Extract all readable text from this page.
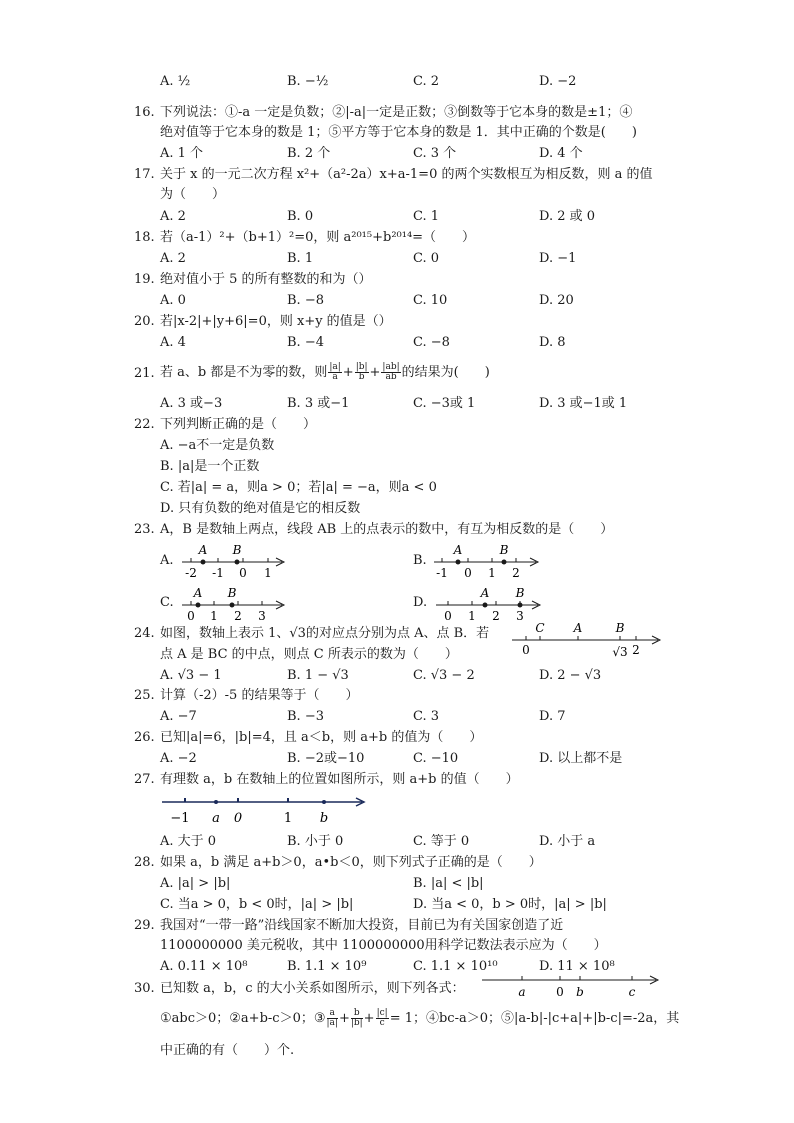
A. ½	B. −½	C. 2	D. −2
16. 下列说法：①-a 一定是负数；②|-a|一定是正数；③倒数等于它本身的数是±1；④
绝对值等于它本身的数是 1；⑤平方等于它本身的数是 1．其中正确的个数是(　　)
A. 1 个	B. 2 个	C. 3 个	D. 4 个
17. 关于 x 的一元二次方程 x²+（a²-2a）x+a-1=0 的两个实数根互为相反数，则 a 的值
为（　　）
A. 2	B. 0	C. 1	D. 2 或 0
18. 若（a-1）²+（b+1）²=0，则 a²⁰¹⁵+b²⁰¹⁴=（　　）
A. 2	B. 1	C. 0	D. −1
19. 绝对值小于 5 的所有整数的和为（）
A. 0	B. −8	C. 10	D. 20
20. 若|x-2|+|y+6|=0，则 x+y 的值是（）
A. 4	B. −4	C. −8	D. 8
21. 若 a、b 都是不为零的数，则 $\frac{|a|}{a} + \frac{|b|}{b} + \frac{|ab|}{ab}$ 的结果为(　　)
A. 3 或−3	B. 3 或−1	C. −3或 1	D. 3 或−1或 1
22. 下列判断正确的是（　　）
A. −a不一定是负数
B. |a|是一个正数
C. 若|a| = a，则a > 0；若|a| = −a，则a < 0
D. 只有负数的绝对值是它的相反数
23. A，B 是数轴上两点，线段 AB 上的点表示的数中，有互为相反数的是（　　）
A.	B.
C.	D.
A B
-2 -1 0 1
A	B
-1 0 1 2
A B
0 1 2 3
A B
0 1 2 3
24. 如图，数轴上表示 1、√3的对应点分别为点 A、点 B．若
点 A 是 BC 的中点，则点 C 所表示的数为（　　）
C A	B
0	√3 2
A. √3 − 1	B. 1 − √3	C. √3 − 2	D. 2 − √3
25. 计算（-2）-5 的结果等于（　　）
A. −7	B. −3	C. 3	D. 7
26. 已知|a|=6，|b|=4，且 a＜b，则 a+b 的值为（　　）
A. −2	B. −2或−10	C. −10	D. 以上都不是
27. 有理数 a，b 在数轴上的位置如图所示，则 a+b 的值（　　）
−1 a 0	1 b
A. 大于 0	B. 小于 0	C. 等于 0	D. 小于 a
28. 如果 a，b 满足 a+b＞0，a•b＜0，则下列式子正确的是（　　）
A. |a| > |b|	B. |a| < |b|
C. 当a > 0，b < 0时，|a| > |b|	D. 当a < 0，b > 0时，|a| > |b|
29. 我国对“一带一路”沿线国家不断加大投资，目前已为有关国家创造了近
1100000000 美元税收，其中 1100000000用科学记数法表示应为（　　）
A. 0.11 × 10⁸	B. 1.1 × 10⁹	C. 1.1 × 10¹⁰	D. 11 × 10⁸
30. 已知数 a，b，c 的大小关系如图所示，则下列各式：	a	0 b	c
①abc＞0；②a+b-c＞0；③ $\frac{a}{|a|} + \frac{b}{|b|} + \frac{|c|}{c} = 1$；④bc-a＞0；⑤|a-b|-|c+a|+|b-c|=-2a，其
中正确的有（　　）个.
